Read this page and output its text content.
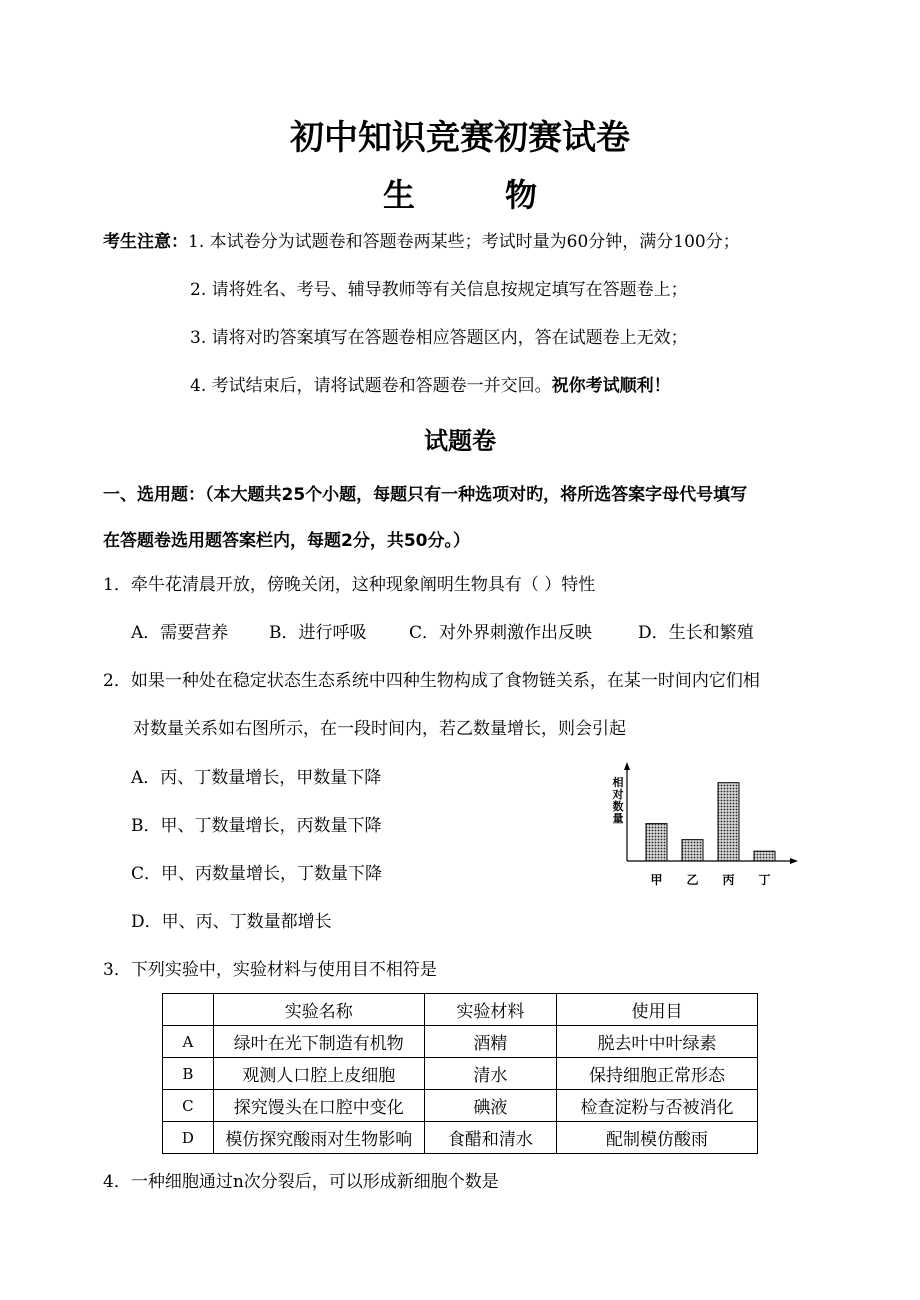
初中知识竞赛初赛试卷
生物
考生注意：1. 本试卷分为试题卷和答题卷两某些；考试时量为60分钟，满分100分；
2. 请将姓名、考号、辅导教师等有关信息按规定填写在答题卷上；
3. 请将对旳答案填写在答题卷相应答题区内，答在试题卷上无效；
4. 考试结束后，请将试题卷和答题卷一并交回。祝你考试顺利！
试题卷
一、选用题：（本大题共25个小题，每题只有一种选项对旳，将所选答案字母代号填写
在答题卷选用题答案栏内，每题2分，共50分。）
1．牵牛花清晨开放，傍晚关闭，这种现象阐明生物具有（ ）特性
A．需要营养 B．进行呼吸	C．对外界刺激作出反映	D．生长和繁殖
2．如果一种处在稳定状态生态系统中四种生物构成了食物链关系，在某一时间内它们相
对数量关系如右图所示，在一段时间内，若乙数量增长，则会引起
A．丙、丁数量增长，甲数量下降
B．甲、丁数量增长，丙数量下降
C．甲、丙数量增长，丁数量下降
D．甲、丙、丁数量都增长
相
对
数
量
甲 乙 丙 丁
3．下列实验中，实验材料与使用目不相符是
	实验名称	实验材料	使用目
A	绿叶在光下制造有机物	酒精	脱去叶中叶绿素
B	观测人口腔上皮细胞	清水	保持细胞正常形态
C	探究馒头在口腔中变化	碘液	检查淀粉与否被消化
D	模仿探究酸雨对生物影响	食醋和清水	配制模仿酸雨
4．一种细胞通过n次分裂后，可以形成新细胞个数是
